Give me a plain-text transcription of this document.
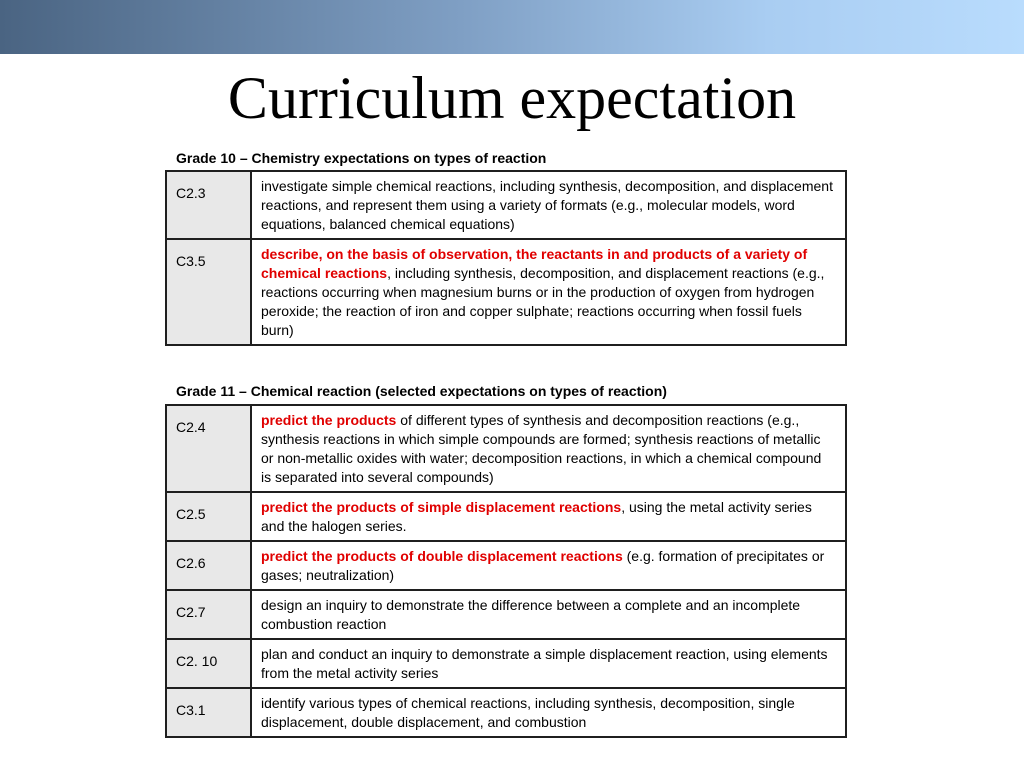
Curriculum expectation
Grade 10 – Chemistry expectations on types of reaction
C2.3	investigate simple chemical reactions, including synthesis, decomposition, and displacement reactions, and represent them using a variety of formats (e.g., molecular models, word equations, balanced chemical equations)
C3.5	describe, on the basis of observation, the reactants in and products of a variety of chemical reactions, including synthesis, decomposition, and displacement reactions (e.g., reactions occurring when magnesium burns or in the production of oxygen from hydrogen peroxide; the reaction of iron and copper sulphate; reactions occurring when fossil fuels burn)
Grade 11 – Chemical reaction (selected expectations on types of reaction)
C2.4	predict the products of different types of synthesis and decomposition reactions (e.g., synthesis reactions in which simple compounds are formed; synthesis reactions of metallic or non-metallic oxides with water; decomposition reactions, in which a chemical compound is separated into several compounds)
C2.5	predict the products of simple displacement reactions, using the metal activity series and the halogen series.
C2.6	predict the products of double displacement reactions (e.g. formation of precipitates or gases; neutralization)
C2.7	design an inquiry to demonstrate the difference between a complete and an incomplete combustion reaction
C2. 10	plan and conduct an inquiry to demonstrate a simple displacement reaction, using elements from the metal activity series
C3.1	identify various types of chemical reactions, including synthesis, decomposition, single displacement, double displacement, and combustion
